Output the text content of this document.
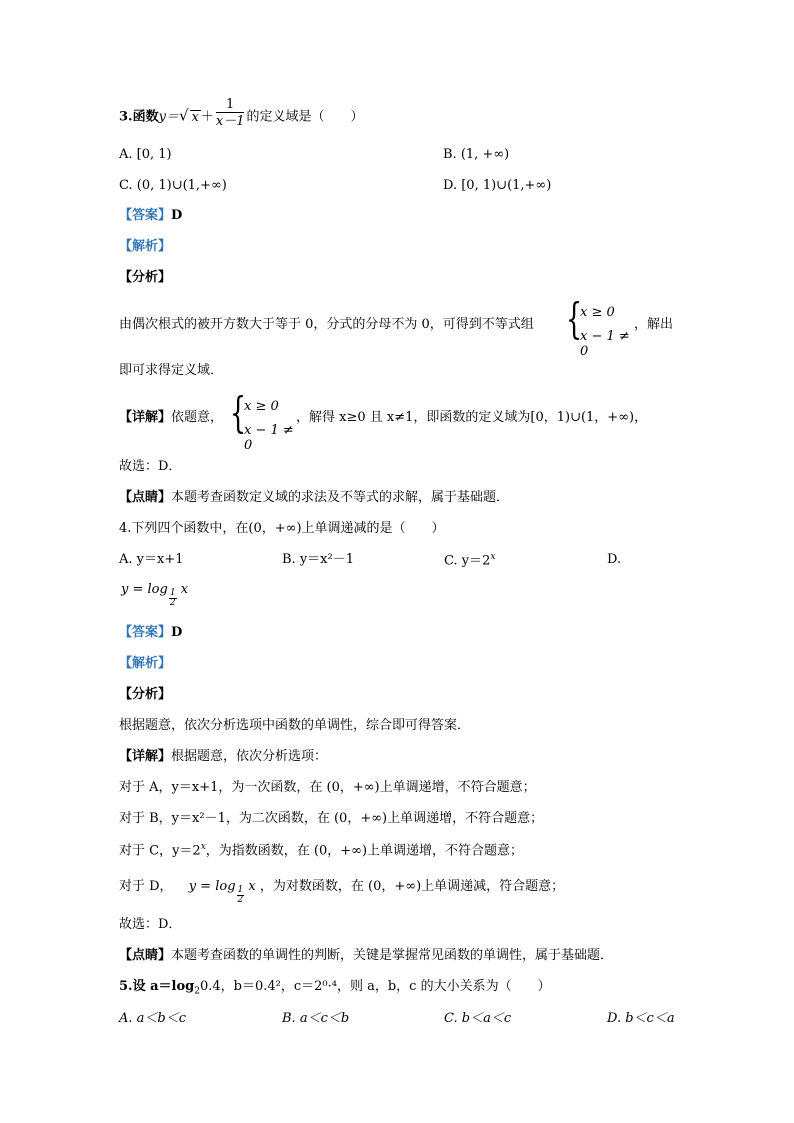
3.函数y＝√ $x + \frac{1}{x-1}$ 的定义域是（　　）
A. [0, 1)	B. (1, +∞)
C. (0, 1)∪(1,+∞)	D. [0, 1)∪(1,+∞)
【答案】D
【解析】
【分析】
由偶次根式的被开方数大于等于 0，分式的分母不为 0，可得到不等式组 {
x ≥ 0
x − 1 ≠ 0
，解出
即可求得定义域．
【详解】依题意， {
x ≥ 0
x − 1 ≠ 0
，解得 x≥0 且 x≠1，即函数的定义域为[0，1)∪(1，+∞)，
故选：D．
【点睛】本题考查函数定义域的求法及不等式的求解，属于基础题．
4.下列四个函数中，在(0，+∞)上单调递减的是（　　）
A. y＝x+1	B. y＝x²－1	C. $y=2^x$	D.
$y = \log \frac{1}{2}$ x
【答案】D
【解析】
【分析】
根据题意，依次分析选项中函数的单调性，综合即可得答案．
【详解】根据题意，依次分析选项：
对于 A，y＝x+1，为一次函数，在 (0，+∞)上单调递增，不符合题意；
对于 B，y＝x²－1，为二次函数，在 (0，+∞)上单调递增，不符合题意；
对于 C，$y=2^x$，为指数函数，在 (0，+∞)上单调递增，不符合题意；
对于 D， $y = \log \frac{1}{2}$ x ，为对数函数，在 (0，+∞)上单调递减，符合题意；
故选：D．
【点睛】本题考查函数的单调性的判断，关键是掌握常见函数的单调性，属于基础题．
5.设 $a=\log_20.4$，b＝0.4²，c＝2⁰·⁴，则 a，b，c 的大小关系为（　　）
A. a＜b＜c	B. a＜c＜b	C. b＜a＜c	D. b＜c＜a
